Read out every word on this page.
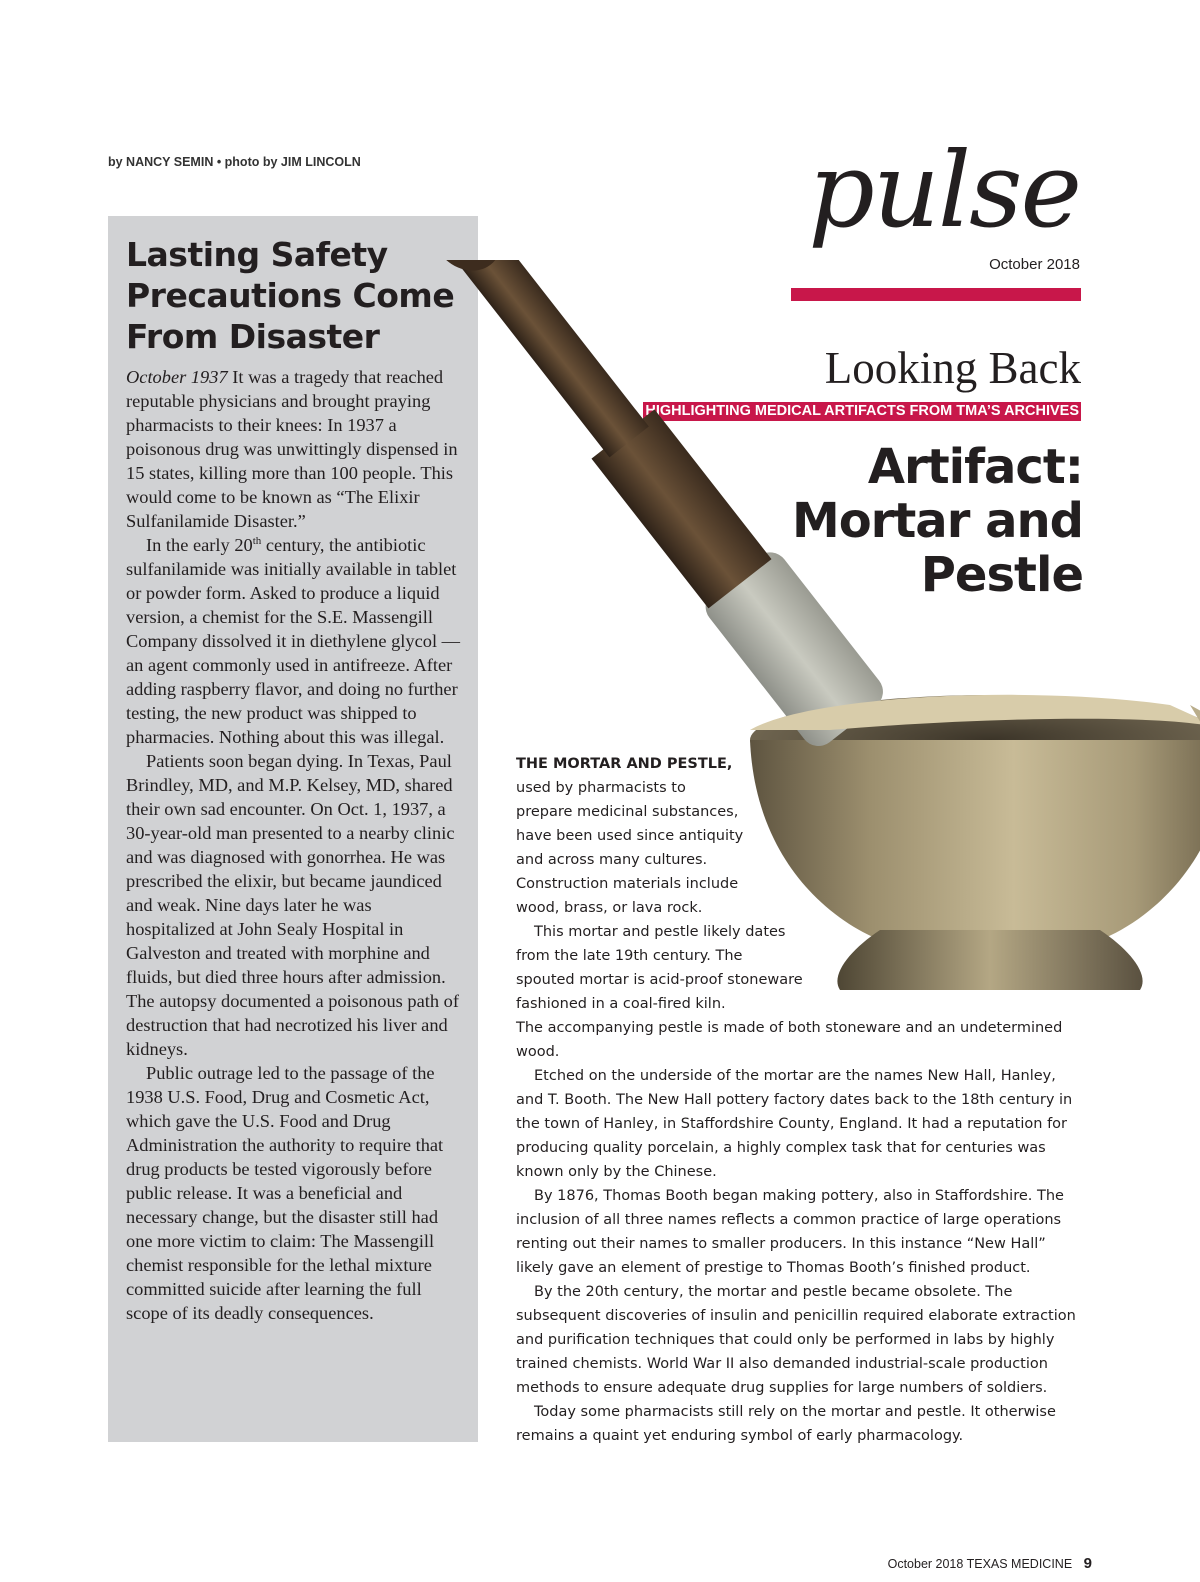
by NANCY SEMIN • photo by JIM LINCOLN
Lasting Safety
Precautions Come
From Disaster

October 1937 It was a tragedy that reached reputable physicians and brought praying pharmacists to their knees: In 1937 a poisonous drug was unwittingly dispensed in 15 states, killing more than 100 people. This would come to be known as “The Elixir Sulfanilamide Disaster.”

In the early 20th century, the antibiotic sulfanilamide was initially available in tablet or powder form. Asked to produce a liquid version, a chemist for the S.E. Massengill Company dissolved it in diethylene glycol — an agent commonly used in antifreeze. After adding raspberry flavor, and doing no further testing, the new product was shipped to pharmacies. Nothing about this was illegal.

Patients soon began dying. In Texas, Paul Brindley, MD, and M.P. Kelsey, MD, shared their own sad encounter. On Oct. 1, 1937, a 30-year-old man presented to a nearby clinic and was diagnosed with gonorrhea. He was prescribed the elixir, but became jaundiced and weak. Nine days later he was hospitalized at John Sealy Hospital in Galveston and treated with morphine and fluids, but died three hours after admission. The autopsy documented a poisonous path of destruction that had necrotized his liver and kidneys.

Public outrage led to the passage of the 1938 U.S. Food, Drug and Cosmetic Act, which gave the U.S. Food and Drug Administration the authority to require that drug products be tested vigorously before public release. It was a beneficial and necessary change, but the disaster still had one more victim to claim: The Massengill chemist responsible for the lethal mixture committed suicide after learning the full scope of its deadly consequences.

pulse
October 2018
Looking Back
HIGHLIGHTING MEDICAL ARTIFACTS FROM TMA’S ARCHIVES
Artifact:
Mortar and
Pestle

THE MORTAR AND PESTLE,
used by pharmacists to
prepare medicinal substances,
have been used since antiquity
and across many cultures.
Construction materials include
wood, brass, or lava rock.

This mortar and pestle likely dates
from the late 19th century. The
spouted mortar is acid-proof stoneware
fashioned in a coal-fired kiln.
The accompanying pestle is made of both stoneware and an undetermined
wood.

Etched on the underside of the mortar are the names New Hall, Hanley, and T. Booth. The New Hall pottery factory dates back to the 18th century in the town of Hanley, in Staffordshire County, England. It had a reputation for producing quality porcelain, a highly complex task that for centuries was known only by the Chinese.

By 1876, Thomas Booth began making pottery, also in Staffordshire. The inclusion of all three names reflects a common practice of large operations renting out their names to smaller producers. In this instance “New Hall” likely gave an element of prestige to Thomas Booth’s finished product.

By the 20th century, the mortar and pestle became obsolete. The subsequent discoveries of insulin and penicillin required elaborate extraction and purification techniques that could only be performed in labs by highly trained chemists. World War II also demanded industrial-scale production methods to ensure adequate drug supplies for large numbers of soldiers.

Today some pharmacists still rely on the mortar and pestle. It otherwise remains a quaint yet enduring symbol of early pharmacology.

October 2018 TEXAS MEDICINE 9
